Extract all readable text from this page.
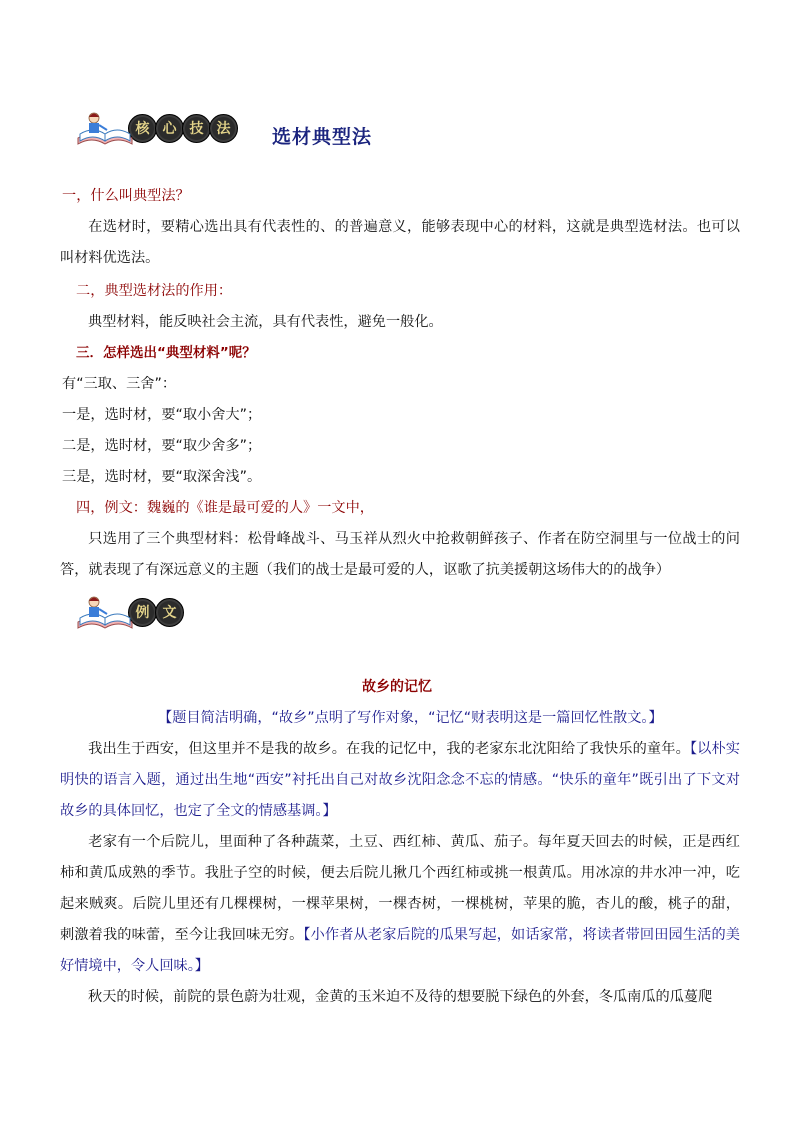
核 心 技 法	选材典型法
一，什么叫典型法？
在选材时，要精心选出具有代表性的、的普遍意义，能够表现中心的材料，这就是典型选材法。也可以叫材料优选法。
二，典型选材法的作用：
典型材料，能反映社会主流，具有代表性，避免一般化。
三．怎样选出“典型材料”呢？
有“三取、三舍”：
一是，选时材，要“取小舍大”；
二是，选时材，要“取少舍多”；
三是，选时材，要“取深舍浅”。
四，例文：魏巍的《谁是最可爱的人》一文中，
只选用了三个典型材料：松骨峰战斗、马玉祥从烈火中抢救朝鲜孩子、作者在防空洞里与一位战士的问答，就表现了有深远意义的主题（我们的战士是最可爱的人，讴歌了抗美援朝这场伟大的的战争）
例 文
故乡的记忆
【题目简洁明确，“故乡”点明了写作对象，“记忆“财表明这是一篇回忆性散文。】
我出生于西安，但这里并不是我的故乡。在我的记忆中，我的老家东北沈阳给了我快乐的童年。【以朴实明快的语言入题，通过出生地“西安”衬托出自己对故乡沈阳念念不忘的情感。“快乐的童年”既引出了下文对故乡的具体回忆，也定了全文的情感基调。】
老家有一个后院儿，里面种了各种蔬菜，土豆、西红柿、黄瓜、茄子。每年夏天回去的时候，正是西红柿和黄瓜成熟的季节。我肚子空的时候，便去后院儿揪几个西红柿或挑一根黄瓜。用冰凉的井水冲一冲，吃起来贼爽。后院儿里还有几棵棵树，一棵苹果树，一棵杏树，一棵桃树，苹果的脆，杏儿的酸，桃子的甜，刺激着我的味蕾，至今让我回味无穷。【小作者从老家后院的瓜果写起，如话家常，将读者带回田园生活的美好情境中，令人回味。】
秋天的时候，前院的景色蔚为壮观，金黄的玉米迫不及待的想要脱下绿色的外套，冬瓜南瓜的瓜蔓爬
